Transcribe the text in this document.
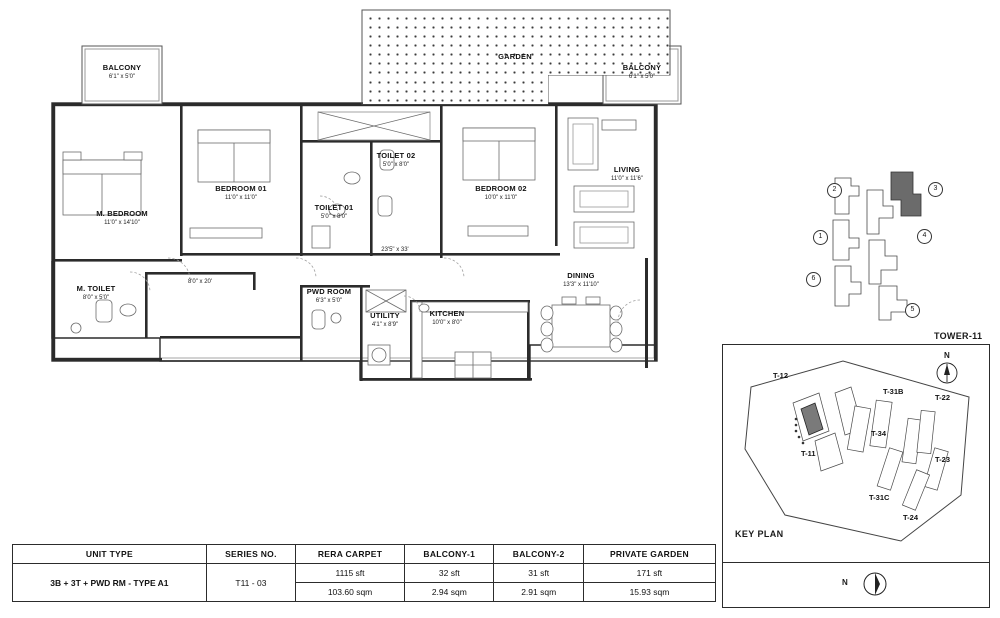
BALCONY
6'1" x 5'0"
BALCONY
6'1" x 5'0"
GARDEN
M. BEDROOM
11'0" x 14'10"
BEDROOM 01
11'0" x 11'0"
BEDROOM 02
10'0" x 11'0"
LIVING
11'0" x 11'6"
DINING
13'3" x 11'10"
KITCHEN
10'0" x 8'0"
UTILITY
4'1" x 8'9"
PWD ROOM
6'3" x 5'0"
TOILET 01
5'0" x 8'0"
TOILET 02
5'0" x 8'0"
M. TOILET
8'0" x 5'0"
23'5" x 33'
8'0" x 20'
2
1
6
3
4
5
TOWER-11
N
T-12
T-11
T-31B
T-22
T-34
T-23
T-31C
T-24
KEY PLAN
N
UNIT TYPE	SERIES NO.	RERA CARPET	BALCONY-1	BALCONY-2	PRIVATE GARDEN
3B + 3T + PWD RM - TYPE A1	T11 - 03	1115 sft	32 sft	31 sft	171 sft
		103.60 sqm	2.94 sqm	2.91 sqm	15.93 sqm
